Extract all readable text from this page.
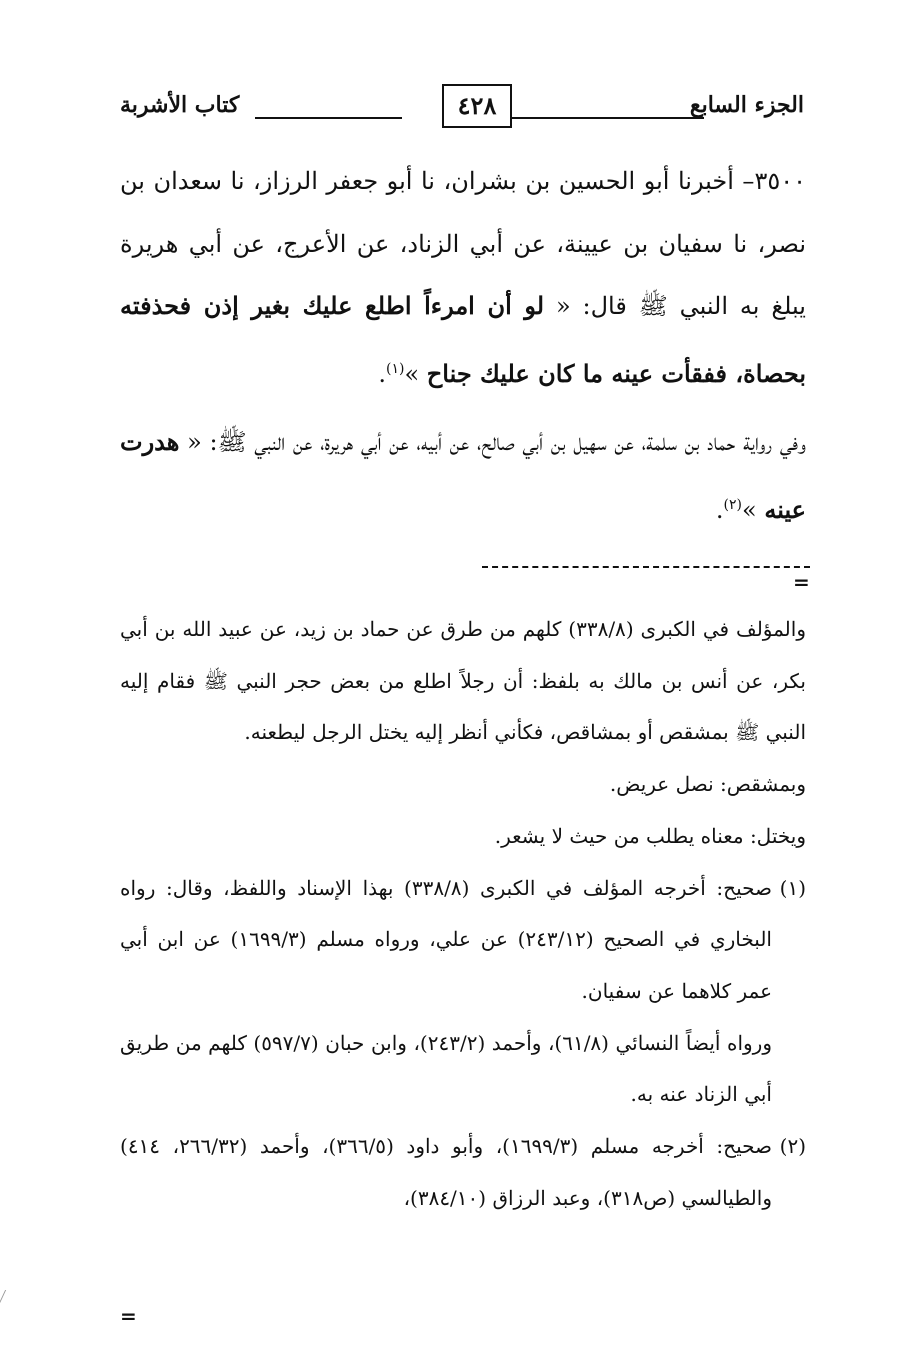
الجزء السابع
٤٢٨
كتاب الأشربة

٣٥٠٠– أخبرنا أبو الحسين بن بشران، نا أبو جعفر الرزاز، نا سعدان بن نصر، نا سفيان بن عيينة، عن أبي الزناد، عن الأعرج، عن أبي هريرة يبلغ به النبي ﷺ قال: « لو أن امرءاً اطلع عليك بغير إذن فحذفته بحصاة، ففقأت عينه ما كان عليك جناح »$^{(١)}$.

وفي رواية حماد بن سلمة، عن سهيل بن أبي صالح، عن أبيه، عن أبي هريرة، عن النبي ﷺ: « هدرت عينه »$^{(٢)}$.

=

والمؤلف في الكبرى (٣٣٨/٨) كلهم من طرق عن حماد بن زيد، عن عبيد الله بن أبي بكر، عن أنس بن مالك به بلفظ: أن رجلاً اطلع من بعض حجر النبي ﷺ فقام إليه النبي ﷺ بمشقص أو بمشاقص، فكأني أنظر إليه يختل الرجل ليطعنه.

وبمشقص: نصل عريض.

ويختل: معناه يطلب من حيث لا يشعر.

(١)صحيح: أخرجه المؤلف في الكبرى (٣٣٨/٨) بهذا الإسناد واللفظ، وقال: رواه البخاري في الصحيح (٢٤٣/١٢) عن علي، ورواه مسلم (١٦٩٩/٣) عن ابن أبي عمر كلاهما عن سفيان.

ورواه أيضاً النسائي (٦١/٨)، وأحمد (٢٤٣/٢)، وابن حبان (٥٩٧/٧) كلهم من طريق أبي الزناد عنه به.

(٢)صحيح: أخرجه مسلم (١٦٩٩/٣)، وأبو داود (٣٦٦/٥)، وأحمد (٢٦٦/٣٢، ٤١٤) والطيالسي (ص٣١٨)، وعبد الرزاق (٣٨٤/١٠)،

=
